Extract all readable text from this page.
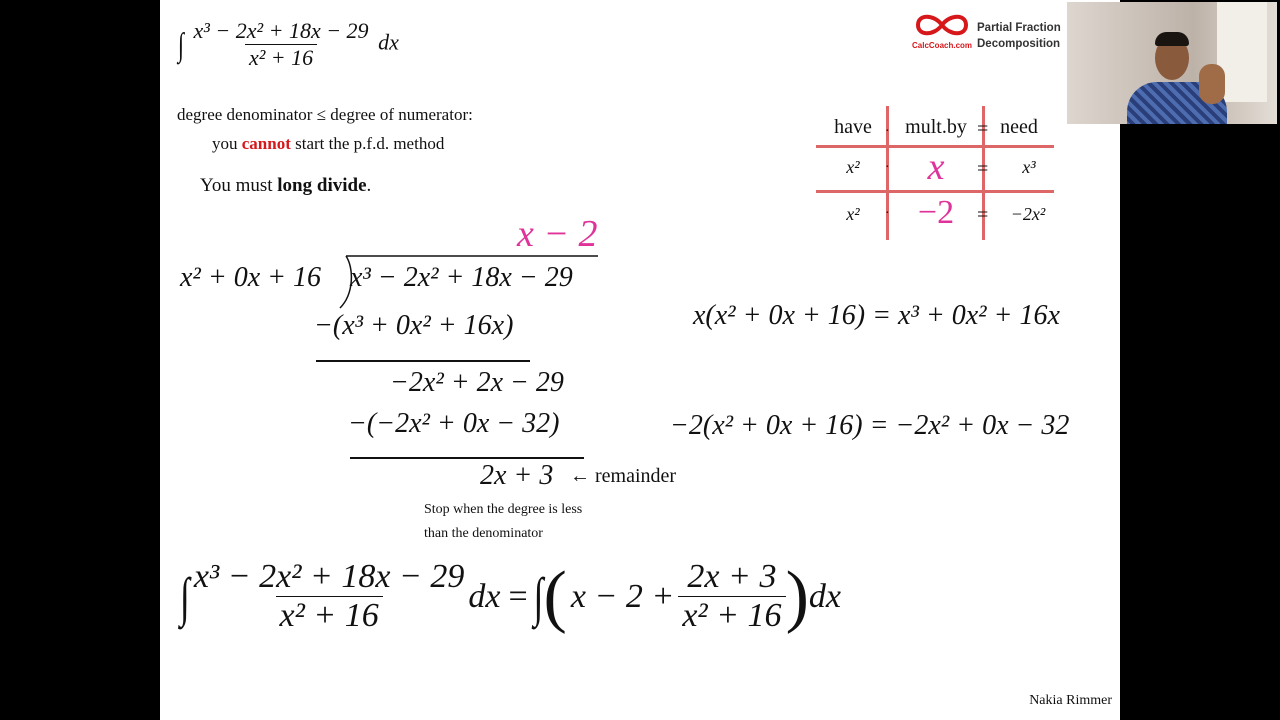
∫ $\frac{\text{x³ − 2x² + 18x − 29}}{\text{x² + 16}}$ dx
degree denominator ≤ degree of numerator:
you cannot start the p.f.d. method
You must long divide.
CalcCoach.com
Partial Fraction
Decomposition
have	mult.by	need
x²	x	x³
x²	−2	−2x²
·
·
·
=
=
=
x − 2
x² + 0x + 16 x³ − 2x² + 18x − 29
−(x³ + 0x² + 16x)
−2x² + 2x − 29
−(−2x² + 0x − 32)
2x + 3 ← remainder
Stop when the degree is less
than the denominator
x(x² + 0x + 16) = x³ + 0x² + 16x
−2(x² + 0x + 16) = −2x² + 0x − 32
∫ $\frac{\text{x³ − 2x² + 18x − 29}}{\text{x² + 16}}$ dx = ∫ ( $x - 2 + \frac{2x + 3}{\text{x² + 16}}$ ) dx
Nakia Rimmer
